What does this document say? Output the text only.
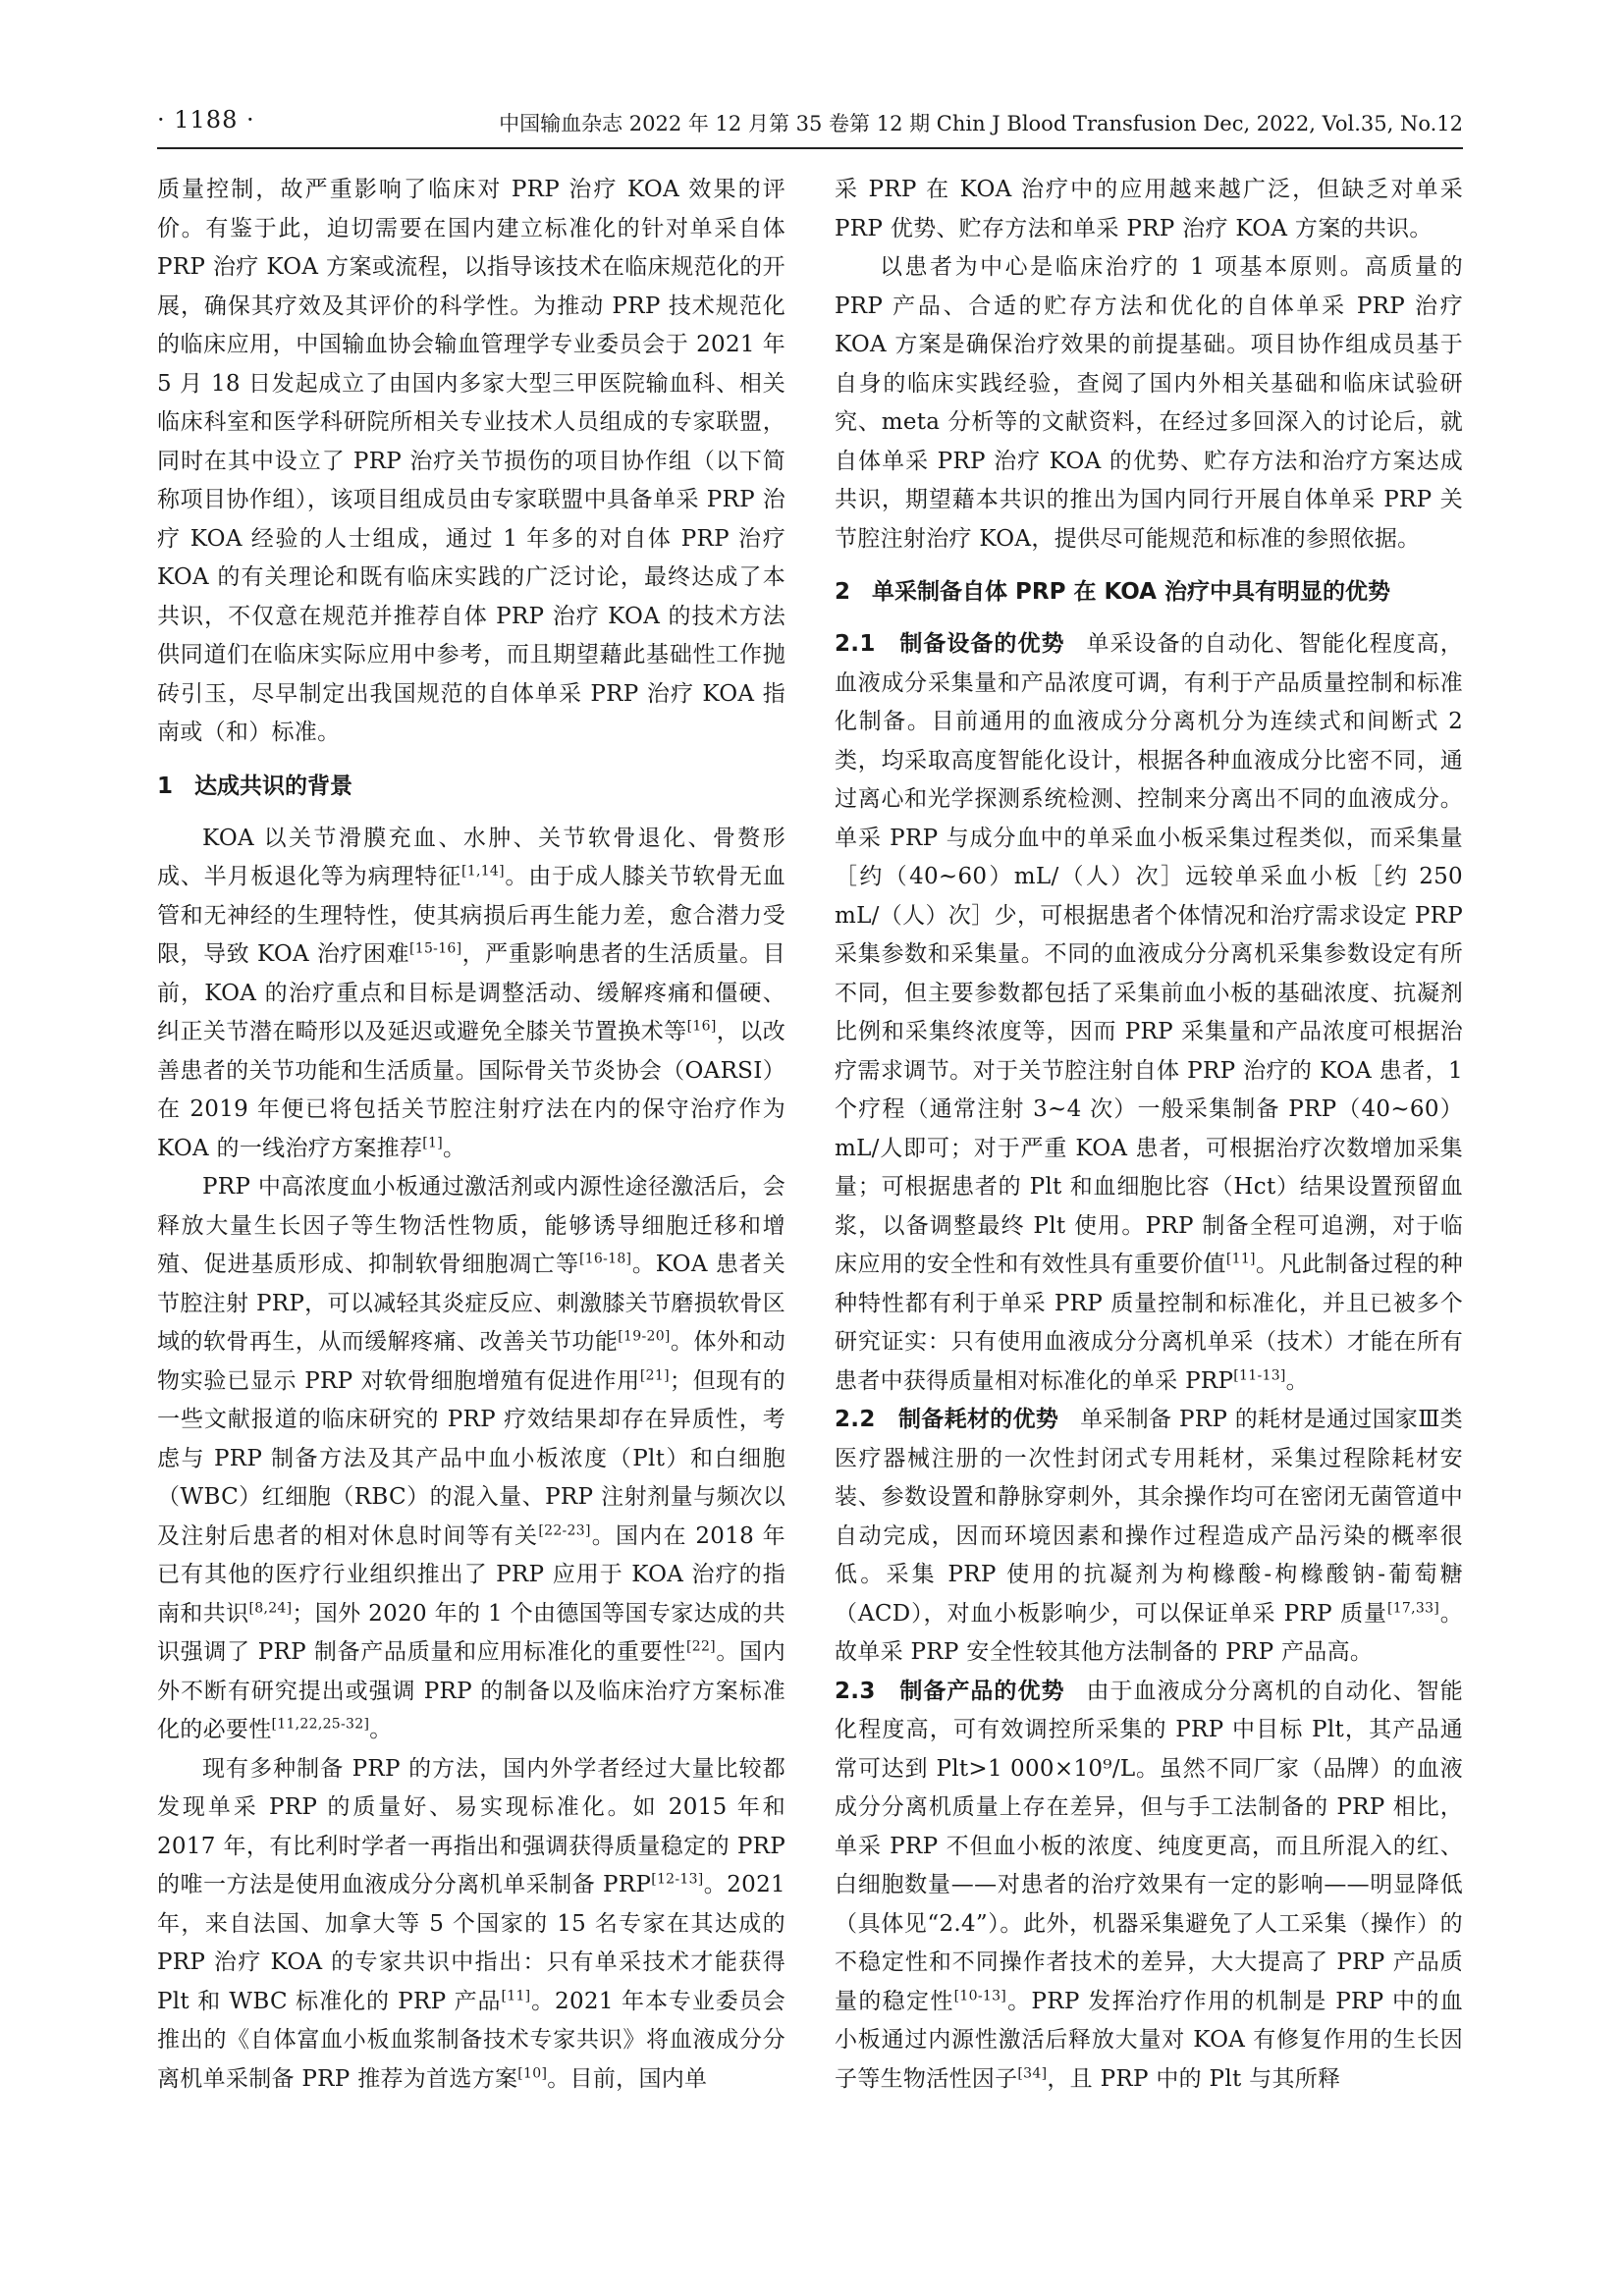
· 1188 ·	中国输血杂志 2022 年 12 月第 35 卷第 12 期 Chin J Blood Transfusion Dec, 2022, Vol.35, No.12

质量控制，故严重影响了临床对 PRP 治疗 KOA 效果的评价。有鉴于此，迫切需要在国内建立标准化的针对单采自体 PRP 治疗 KOA 方案或流程，以指导该技术在临床规范化的开展，确保其疗效及其评价的科学性。为推动 PRP 技术规范化的临床应用，中国输血协会输血管理学专业委员会于 2021 年 5 月 18 日发起成立了由国内多家大型三甲医院输血科、相关临床科室和医学科研院所相关专业技术人员组成的专家联盟，同时在其中设立了 PRP 治疗关节损伤的项目协作组（以下简称项目协作组），该项目组成员由专家联盟中具备单采 PRP 治疗 KOA 经验的人士组成，通过 1 年多的对自体 PRP 治疗 KOA 的有关理论和既有临床实践的广泛讨论，最终达成了本共识，不仅意在规范并推荐自体 PRP 治疗 KOA 的技术方法供同道们在临床实际应用中参考，而且期望藉此基础性工作抛砖引玉，尽早制定出我国规范的自体单采 PRP 治疗 KOA 指南或（和）标准。

1 达成共识的背景

KOA 以关节滑膜充血、水肿、关节软骨退化、骨赘形成、半月板退化等为病理特征[1,14]。由于成人膝关节软骨无血管和无神经的生理特性，使其病损后再生能力差，愈合潜力受限，导致 KOA 治疗困难[15-16]，严重影响患者的生活质量。目前，KOA 的治疗重点和目标是调整活动、缓解疼痛和僵硬、纠正关节潜在畸形以及延迟或避免全膝关节置换术等[16]，以改善患者的关节功能和生活质量。国际骨关节炎协会（OARSI）在 2019 年便已将包括关节腔注射疗法在内的保守治疗作为 KOA 的一线治疗方案推荐[1]。

PRP 中高浓度血小板通过激活剂或内源性途径激活后，会释放大量生长因子等生物活性物质，能够诱导细胞迁移和增殖、促进基质形成、抑制软骨细胞凋亡等[16-18]。KOA 患者关节腔注射 PRP，可以减轻其炎症反应、刺激膝关节磨损软骨区域的软骨再生，从而缓解疼痛、改善关节功能[19-20]。体外和动物实验已显示 PRP 对软骨细胞增殖有促进作用[21]；但现有的一些文献报道的临床研究的 PRP 疗效结果却存在异质性，考虑与 PRP 制备方法及其产品中血小板浓度（Plt）和白细胞（WBC）红细胞（RBC）的混入量、PRP 注射剂量与频次以及注射后患者的相对休息时间等有关[22-23]。国内在 2018 年已有其他的医疗行业组织推出了 PRP 应用于 KOA 治疗的指南和共识[8,24]；国外 2020 年的 1 个由德国等国专家达成的共识强调了 PRP 制备产品质量和应用标准化的重要性[22]。国内外不断有研究提出或强调 PRP 的制备以及临床治疗方案标准化的必要性[11,22,25-32]。

现有多种制备 PRP 的方法，国内外学者经过大量比较都发现单采 PRP 的质量好、易实现标准化。如 2015 年和 2017 年，有比利时学者一再指出和强调获得质量稳定的 PRP 的唯一方法是使用血液成分分离机单采制备 PRP[12-13]。2021 年，来自法国、加拿大等 5 个国家的 15 名专家在其达成的 PRP 治疗 KOA 的专家共识中指出：只有单采技术才能获得 Plt 和 WBC 标准化的 PRP 产品[11]。2021 年本专业委员会推出的《自体富血小板血浆制备技术专家共识》将血液成分分离机单采制备 PRP 推荐为首选方案[10]。目前，国内单

采 PRP 在 KOA 治疗中的应用越来越广泛，但缺乏对单采 PRP 优势、贮存方法和单采 PRP 治疗 KOA 方案的共识。

以患者为中心是临床治疗的 1 项基本原则。高质量的 PRP 产品、合适的贮存方法和优化的自体单采 PRP 治疗 KOA 方案是确保治疗效果的前提基础。项目协作组成员基于自身的临床实践经验，查阅了国内外相关基础和临床试验研究、meta 分析等的文献资料，在经过多回深入的讨论后，就自体单采 PRP 治疗 KOA 的优势、贮存方法和治疗方案达成共识，期望藉本共识的推出为国内同行开展自体单采 PRP 关节腔注射治疗 KOA，提供尽可能规范和标准的参照依据。

2 单采制备自体 PRP 在 KOA 治疗中具有明显的优势

2.1　制备设备的优势 单采设备的自动化、智能化程度高，血液成分采集量和产品浓度可调，有利于产品质量控制和标准化制备。目前通用的血液成分分离机分为连续式和间断式 2 类，均采取高度智能化设计，根据各种血液成分比密不同，通过离心和光学探测系统检测、控制来分离出不同的血液成分。单采 PRP 与成分血中的单采血小板采集过程类似，而采集量［约（40~60）mL/（人）次］远较单采血小板［约 250 mL/（人）次］少，可根据患者个体情况和治疗需求设定 PRP 采集参数和采集量。不同的血液成分分离机采集参数设定有所不同，但主要参数都包括了采集前血小板的基础浓度、抗凝剂比例和采集终浓度等，因而 PRP 采集量和产品浓度可根据治疗需求调节。对于关节腔注射自体 PRP 治疗的 KOA 患者，1 个疗程（通常注射 3~4 次）一般采集制备 PRP（40~60）mL/人即可；对于严重 KOA 患者，可根据治疗次数增加采集量；可根据患者的 Plt 和血细胞比容（Hct）结果设置预留血浆，以备调整最终 Plt 使用。PRP 制备全程可追溯，对于临床应用的安全性和有效性具有重要价值[11]。凡此制备过程的种种特性都有利于单采 PRP 质量控制和标准化，并且已被多个研究证实：只有使用血液成分分离机单采（技术）才能在所有患者中获得质量相对标准化的单采 PRP[11-13]。

2.2　制备耗材的优势 单采制备 PRP 的耗材是通过国家Ⅲ类医疗器械注册的一次性封闭式专用耗材，采集过程除耗材安装、参数设置和静脉穿刺外，其余操作均可在密闭无菌管道中自动完成，因而环境因素和操作过程造成产品污染的概率很低。采集 PRP 使用的抗凝剂为枸橼酸-枸橼酸钠-葡萄糖（ACD），对血小板影响少，可以保证单采 PRP 质量[17,33]。故单采 PRP 安全性较其他方法制备的 PRP 产品高。

2.3　制备产品的优势 由于血液成分分离机的自动化、智能化程度高，可有效调控所采集的 PRP 中目标 Plt，其产品通常可达到 Plt>1 000×10⁹/L。虽然不同厂家（品牌）的血液成分分离机质量上存在差异，但与手工法制备的 PRP 相比，单采 PRP 不但血小板的浓度、纯度更高，而且所混入的红、白细胞数量——对患者的治疗效果有一定的影响——明显降低（具体见“2.4”）。此外，机器采集避免了人工采集（操作）的不稳定性和不同操作者技术的差异，大大提高了 PRP 产品质量的稳定性[10-13]。PRP 发挥治疗作用的机制是 PRP 中的血小板通过内源性激活后释放大量对 KOA 有修复作用的生长因子等生物活性因子[34]，且 PRP 中的 Plt 与其所释
